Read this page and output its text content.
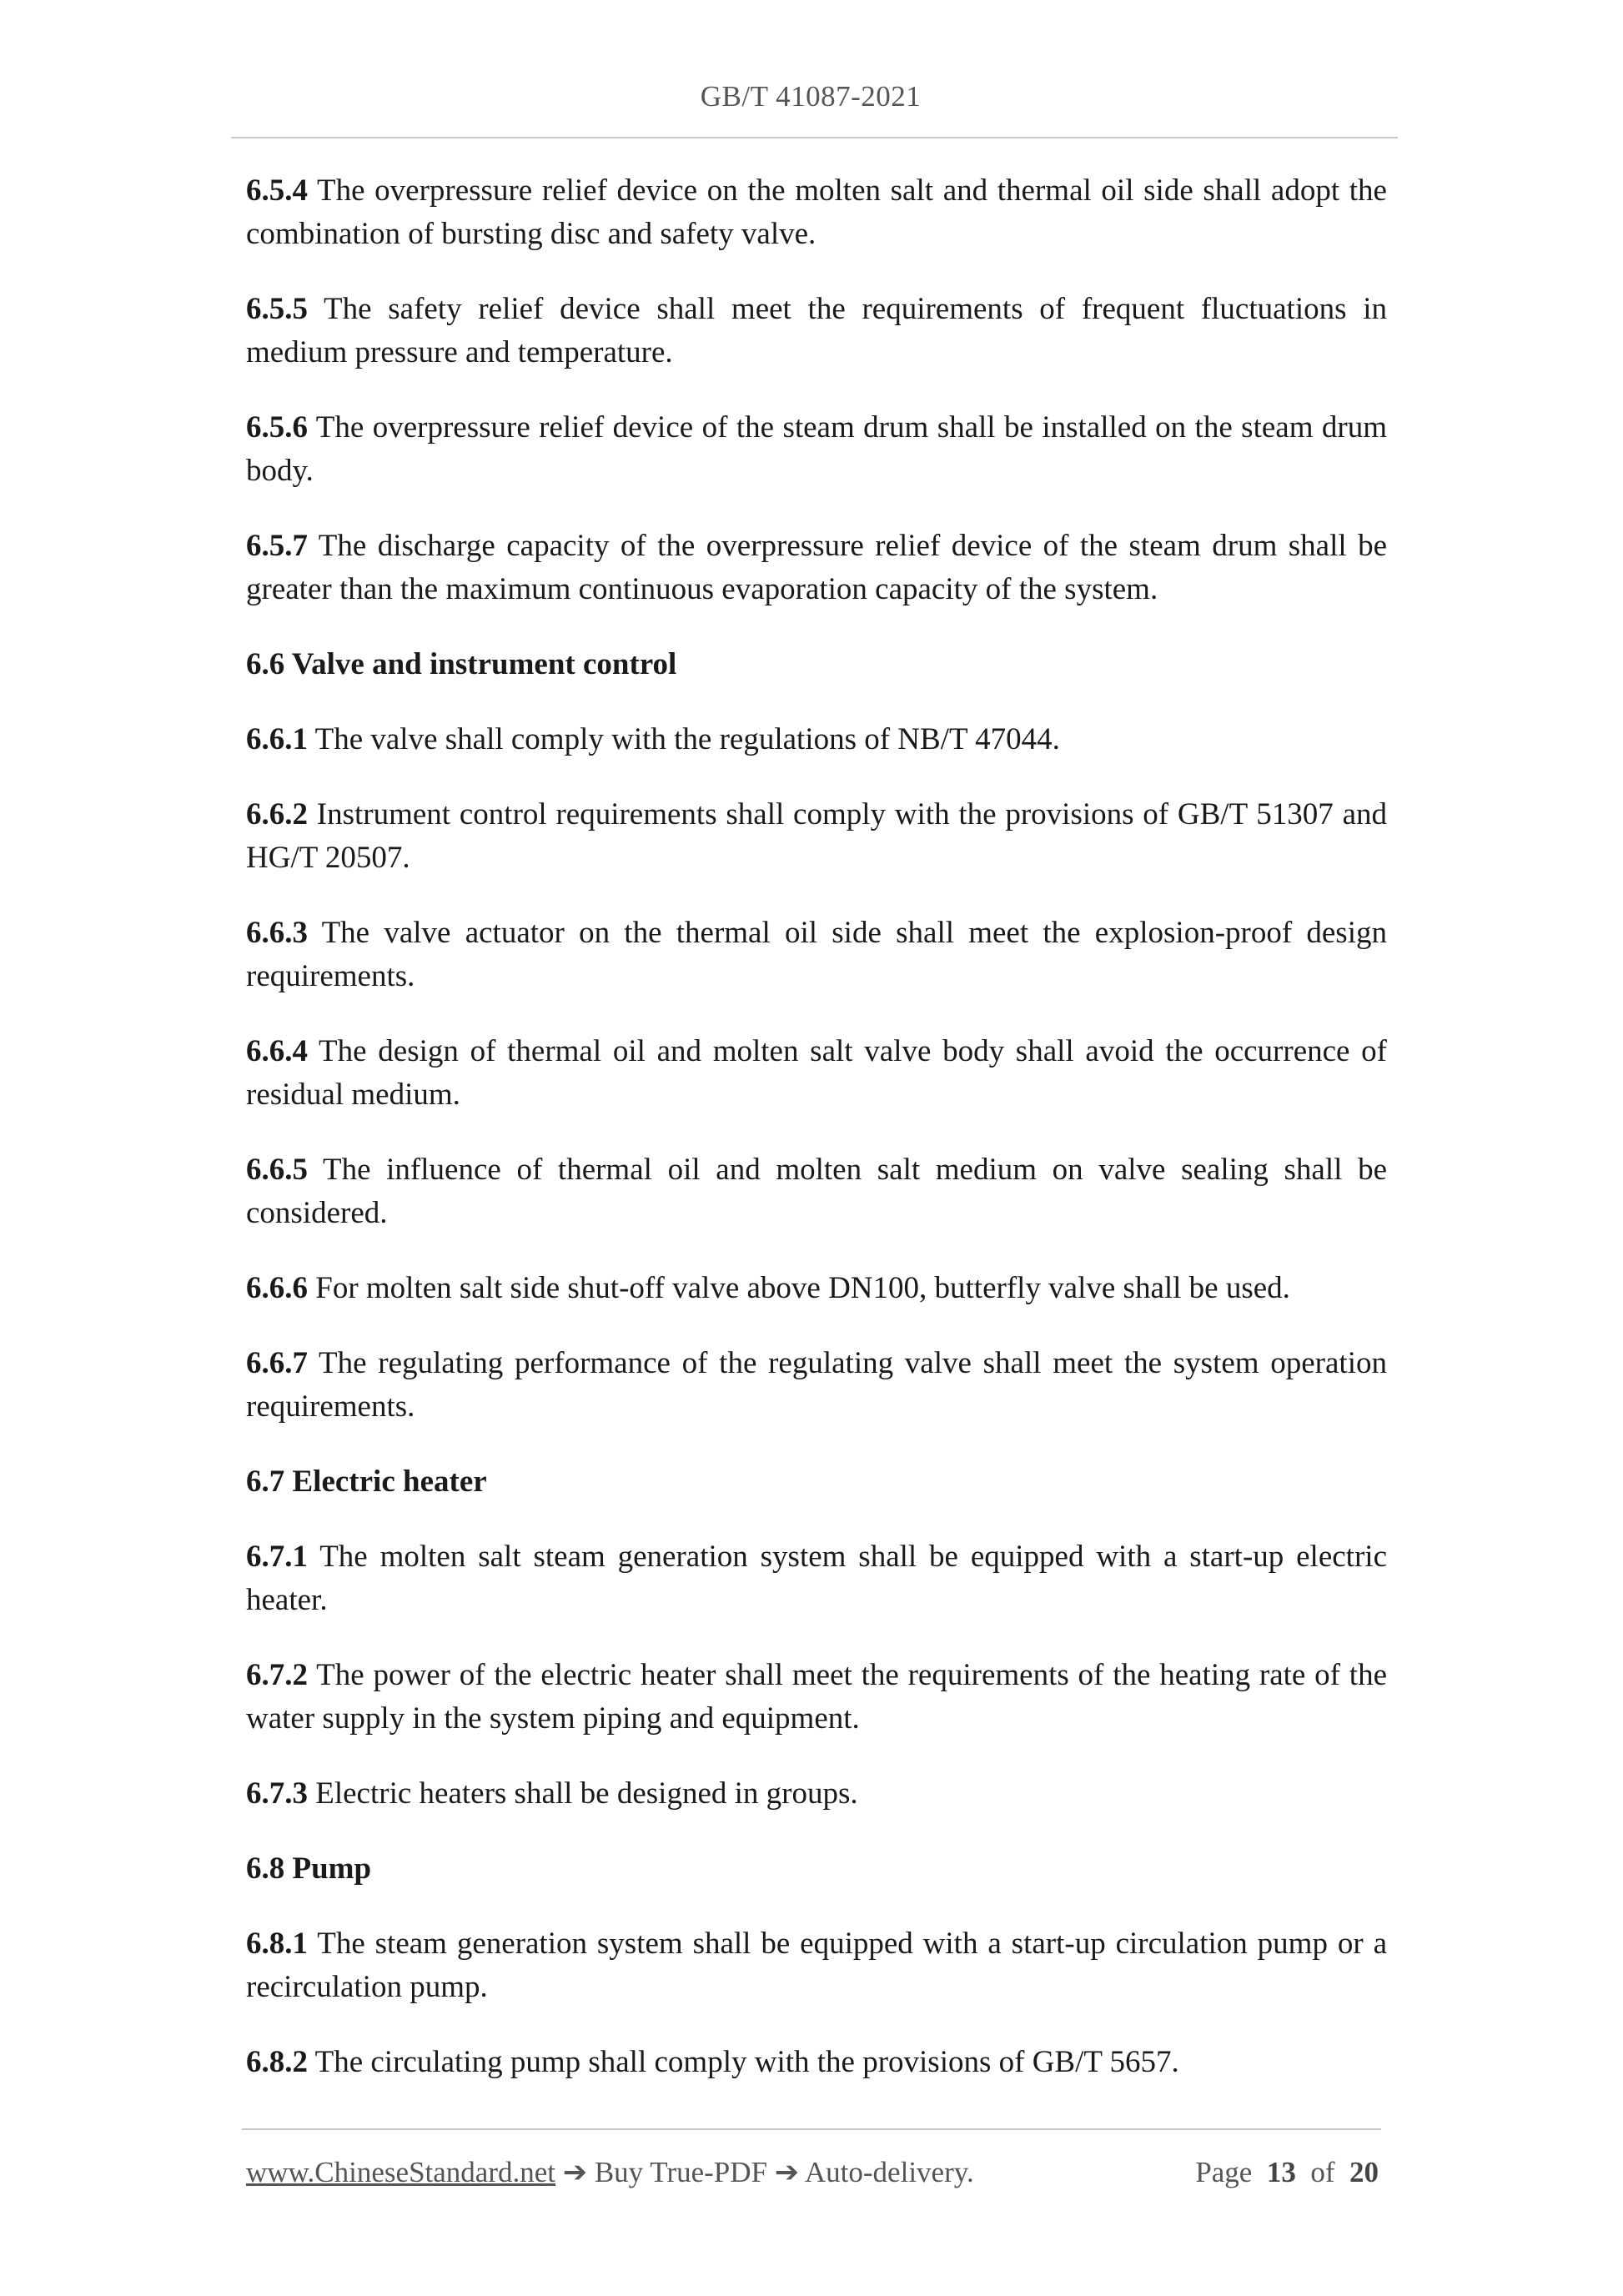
GB/T 41087-2021

6.5.4 The overpressure relief device on the molten salt and thermal oil side shall adopt the combination of bursting disc and safety valve.

6.5.5 The safety relief device shall meet the requirements of frequent fluctuations in medium pressure and temperature.

6.5.6 The overpressure relief device of the steam drum shall be installed on the steam drum body.

6.5.7 The discharge capacity of the overpressure relief device of the steam drum shall be greater than the maximum continuous evaporation capacity of the system.

6.6 Valve and instrument control

6.6.1 The valve shall comply with the regulations of NB/T 47044.

6.6.2 Instrument control requirements shall comply with the provisions of GB/T 51307 and HG/T 20507.

6.6.3 The valve actuator on the thermal oil side shall meet the explosion-proof design requirements.

6.6.4 The design of thermal oil and molten salt valve body shall avoid the occurrence of residual medium.

6.6.5 The influence of thermal oil and molten salt medium on valve sealing shall be considered.

6.6.6 For molten salt side shut-off valve above DN100, butterfly valve shall be used.

6.6.7 The regulating performance of the regulating valve shall meet the system operation requirements.

6.7 Electric heater

6.7.1 The molten salt steam generation system shall be equipped with a start-up electric heater.

6.7.2 The power of the electric heater shall meet the requirements of the heating rate of the water supply in the system piping and equipment.

6.7.3 Electric heaters shall be designed in groups.

6.8 Pump

6.8.1 The steam generation system shall be equipped with a start-up circulation pump or a recirculation pump.

6.8.2 The circulating pump shall comply with the provisions of GB/T 5657.

www.ChineseStandard.net ➔ Buy True-PDF ➔ Auto-delivery.	Page 13 of 20
